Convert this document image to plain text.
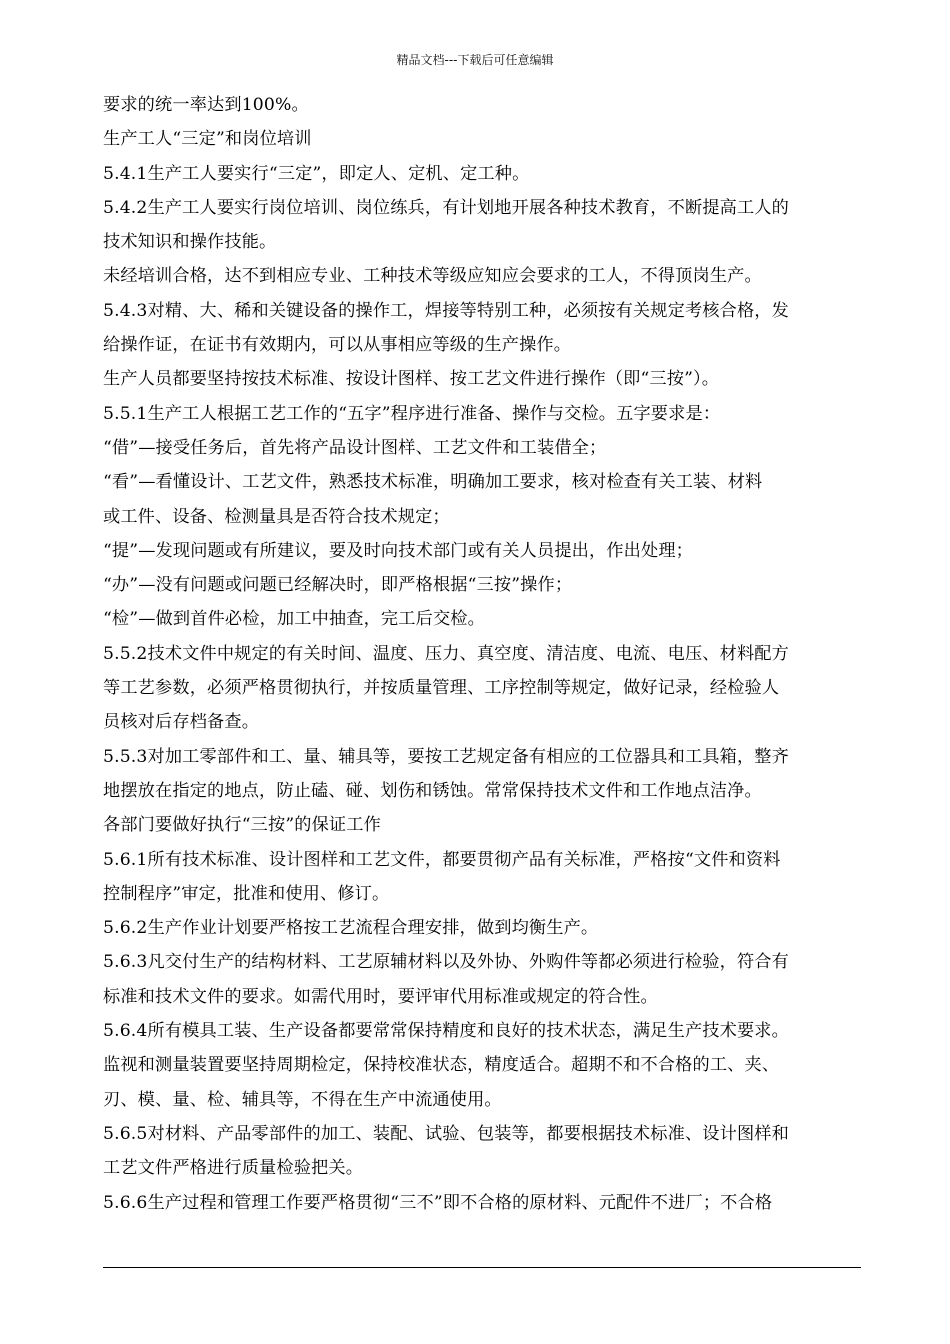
精品文档---下载后可任意编辑
要求的统一率达到100%。
生产工人“三定”和岗位培训
5.4.1生产工人要实行“三定”，即定人、定机、定工种。
5.4.2生产工人要实行岗位培训、岗位练兵，有计划地开展各种技术教育，不断提高工人的
技术知识和操作技能。
未经培训合格，达不到相应专业、工种技术等级应知应会要求的工人，不得顶岗生产。
5.4.3对精、大、稀和关键设备的操作工，焊接等特别工种，必须按有关规定考核合格，发
给操作证，在证书有效期内，可以从事相应等级的生产操作。
生产人员都要坚持按技术标准、按设计图样、按工艺文件进行操作（即“三按”）。
5.5.1生产工人根据工艺工作的“五字”程序进行准备、操作与交检。五字要求是：
“借”—接受任务后，首先将产品设计图样、工艺文件和工装借全；
“看”—看懂设计、工艺文件，熟悉技术标准，明确加工要求，核对检查有关工装、材料
或工件、设备、检测量具是否符合技术规定；
“提”—发现问题或有所建议，要及时向技术部门或有关人员提出，作出处理；
“办”—没有问题或问题已经解决时，即严格根据“三按”操作；
“检”—做到首件必检，加工中抽查，完工后交检。
5.5.2技术文件中规定的有关时间、温度、压力、真空度、清洁度、电流、电压、材料配方
等工艺参数，必须严格贯彻执行，并按质量管理、工序控制等规定，做好记录，经检验人
员核对后存档备查。
5.5.3对加工零部件和工、量、辅具等，要按工艺规定备有相应的工位器具和工具箱，整齐
地摆放在指定的地点，防止磕、碰、划伤和锈蚀。常常保持技术文件和工作地点洁净。
各部门要做好执行“三按”的保证工作
5.6.1所有技术标准、设计图样和工艺文件，都要贯彻产品有关标准，严格按“文件和资料
控制程序”审定，批准和使用、修订。
5.6.2生产作业计划要严格按工艺流程合理安排，做到均衡生产。
5.6.3凡交付生产的结构材料、工艺原辅材料以及外协、外购件等都必须进行检验，符合有
标准和技术文件的要求。如需代用时，要评审代用标准或规定的符合性。
5.6.4所有模具工装、生产设备都要常常保持精度和良好的技术状态，满足生产技术要求。
监视和测量装置要坚持周期检定，保持校准状态，精度适合。超期不和不合格的工、夹、
刃、模、量、检、辅具等，不得在生产中流通使用。
5.6.5对材料、产品零部件的加工、装配、试验、包装等，都要根据技术标准、设计图样和
工艺文件严格进行质量检验把关。
5.6.6生产过程和管理工作要严格贯彻“三不”即不合格的原材料、元配件不进厂；不合格
